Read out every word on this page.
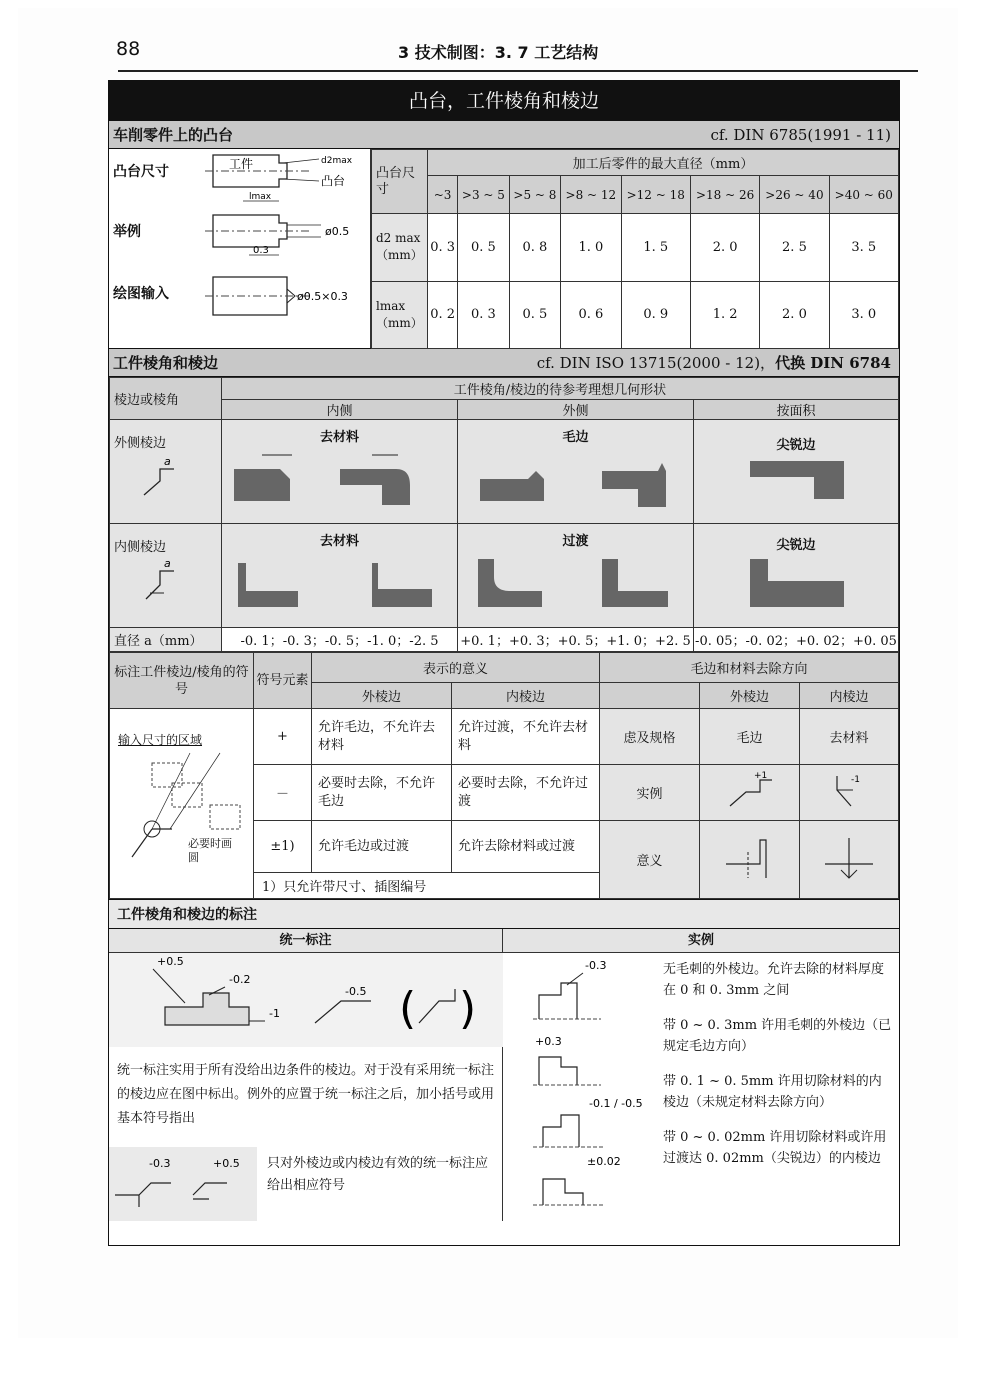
88	3 技术制图：3. 7 工艺结构
凸台，工件棱角和棱边
车削零件上的凸台	cf. DIN 6785(1991 - 11)
凸台尺寸
举例
绘图输入
工件	d2max
凸台
lmax
ø0.5
0.3
ø0.5×0.3
凸台尺寸	加工后零件的最大直径（mm）							
	~3	>3 ~ 5	>5 ~ 8	>8 ~ 12	>12 ~ 18	>18 ~ 26	>26 ~ 40	>40 ~ 60

d2 max
（mm）	0. 3	0. 5	0. 8	1. 0	1. 5	2. 0	2. 5	3. 5

lmax
（mm）	0. 2	0. 3	0. 5	0. 6	0. 9	1. 2	2. 0	3. 0
工件棱角和棱边	cf. DIN ISO 13715(2000 - 12)，代换 DIN 6784
棱边或棱角	工件棱角/棱边的待参考理想几何形状		
	内侧	外侧	按面积

外侧棱边
a	去材料	毛边	尖锐边

内侧棱边
a	去材料	过渡	尖锐边

直径 a（mm）	-0. 1；-0. 3；-0. 5；-1. 0；-2. 5	+0. 1；+0. 3；+0. 5；+1. 0；+2. 5	-0. 05；-0. 02；+0. 02；+0. 05
标注工件棱边/棱角的符号	符号元素	表示的意义		毛边和材料去除方向		
		外棱边	内棱边		外棱边	内棱边

输入尺寸的区域
必要时画圆	+	允许毛边，不允许去材料	允许过渡，不允许去材料	虑及规格	毛边	去材料
	－	必要时去除，不允许毛边	必要时去除，不允许过渡	实例	+1	-1

	±1)	允许毛边或过渡	允许去除材料或过渡	意义		
	1）只允许带尺寸、插图编号					
工件棱角和棱边的标注
统一标注
+0.5
-0.2
-1
-0.5 ( )
统一标注实用于所有没给出边条件的棱边。对于没有采用统一标注的棱边应在图中标出。例外的应置于统一标注之后，加小括号或用基本符号指出
-0.3	+0.5	只对外棱边或内棱边有效的统一标注应给出相应符号
实例
-0.3
+0.3
-0.1 / -0.5
±0.02
无毛刺的外棱边。允许去除的材料厚度在 0 和 0. 3mm 之间
带 0 ~ 0. 3mm 许用毛刺的外棱边（已规定毛边方向）
带 0. 1 ~ 0. 5mm 许用切除材料的内棱边（未规定材料去除方向）
带 0 ~ 0. 02mm 许用切除材料或许用过渡达 0. 02mm（尖锐边）的内棱边
